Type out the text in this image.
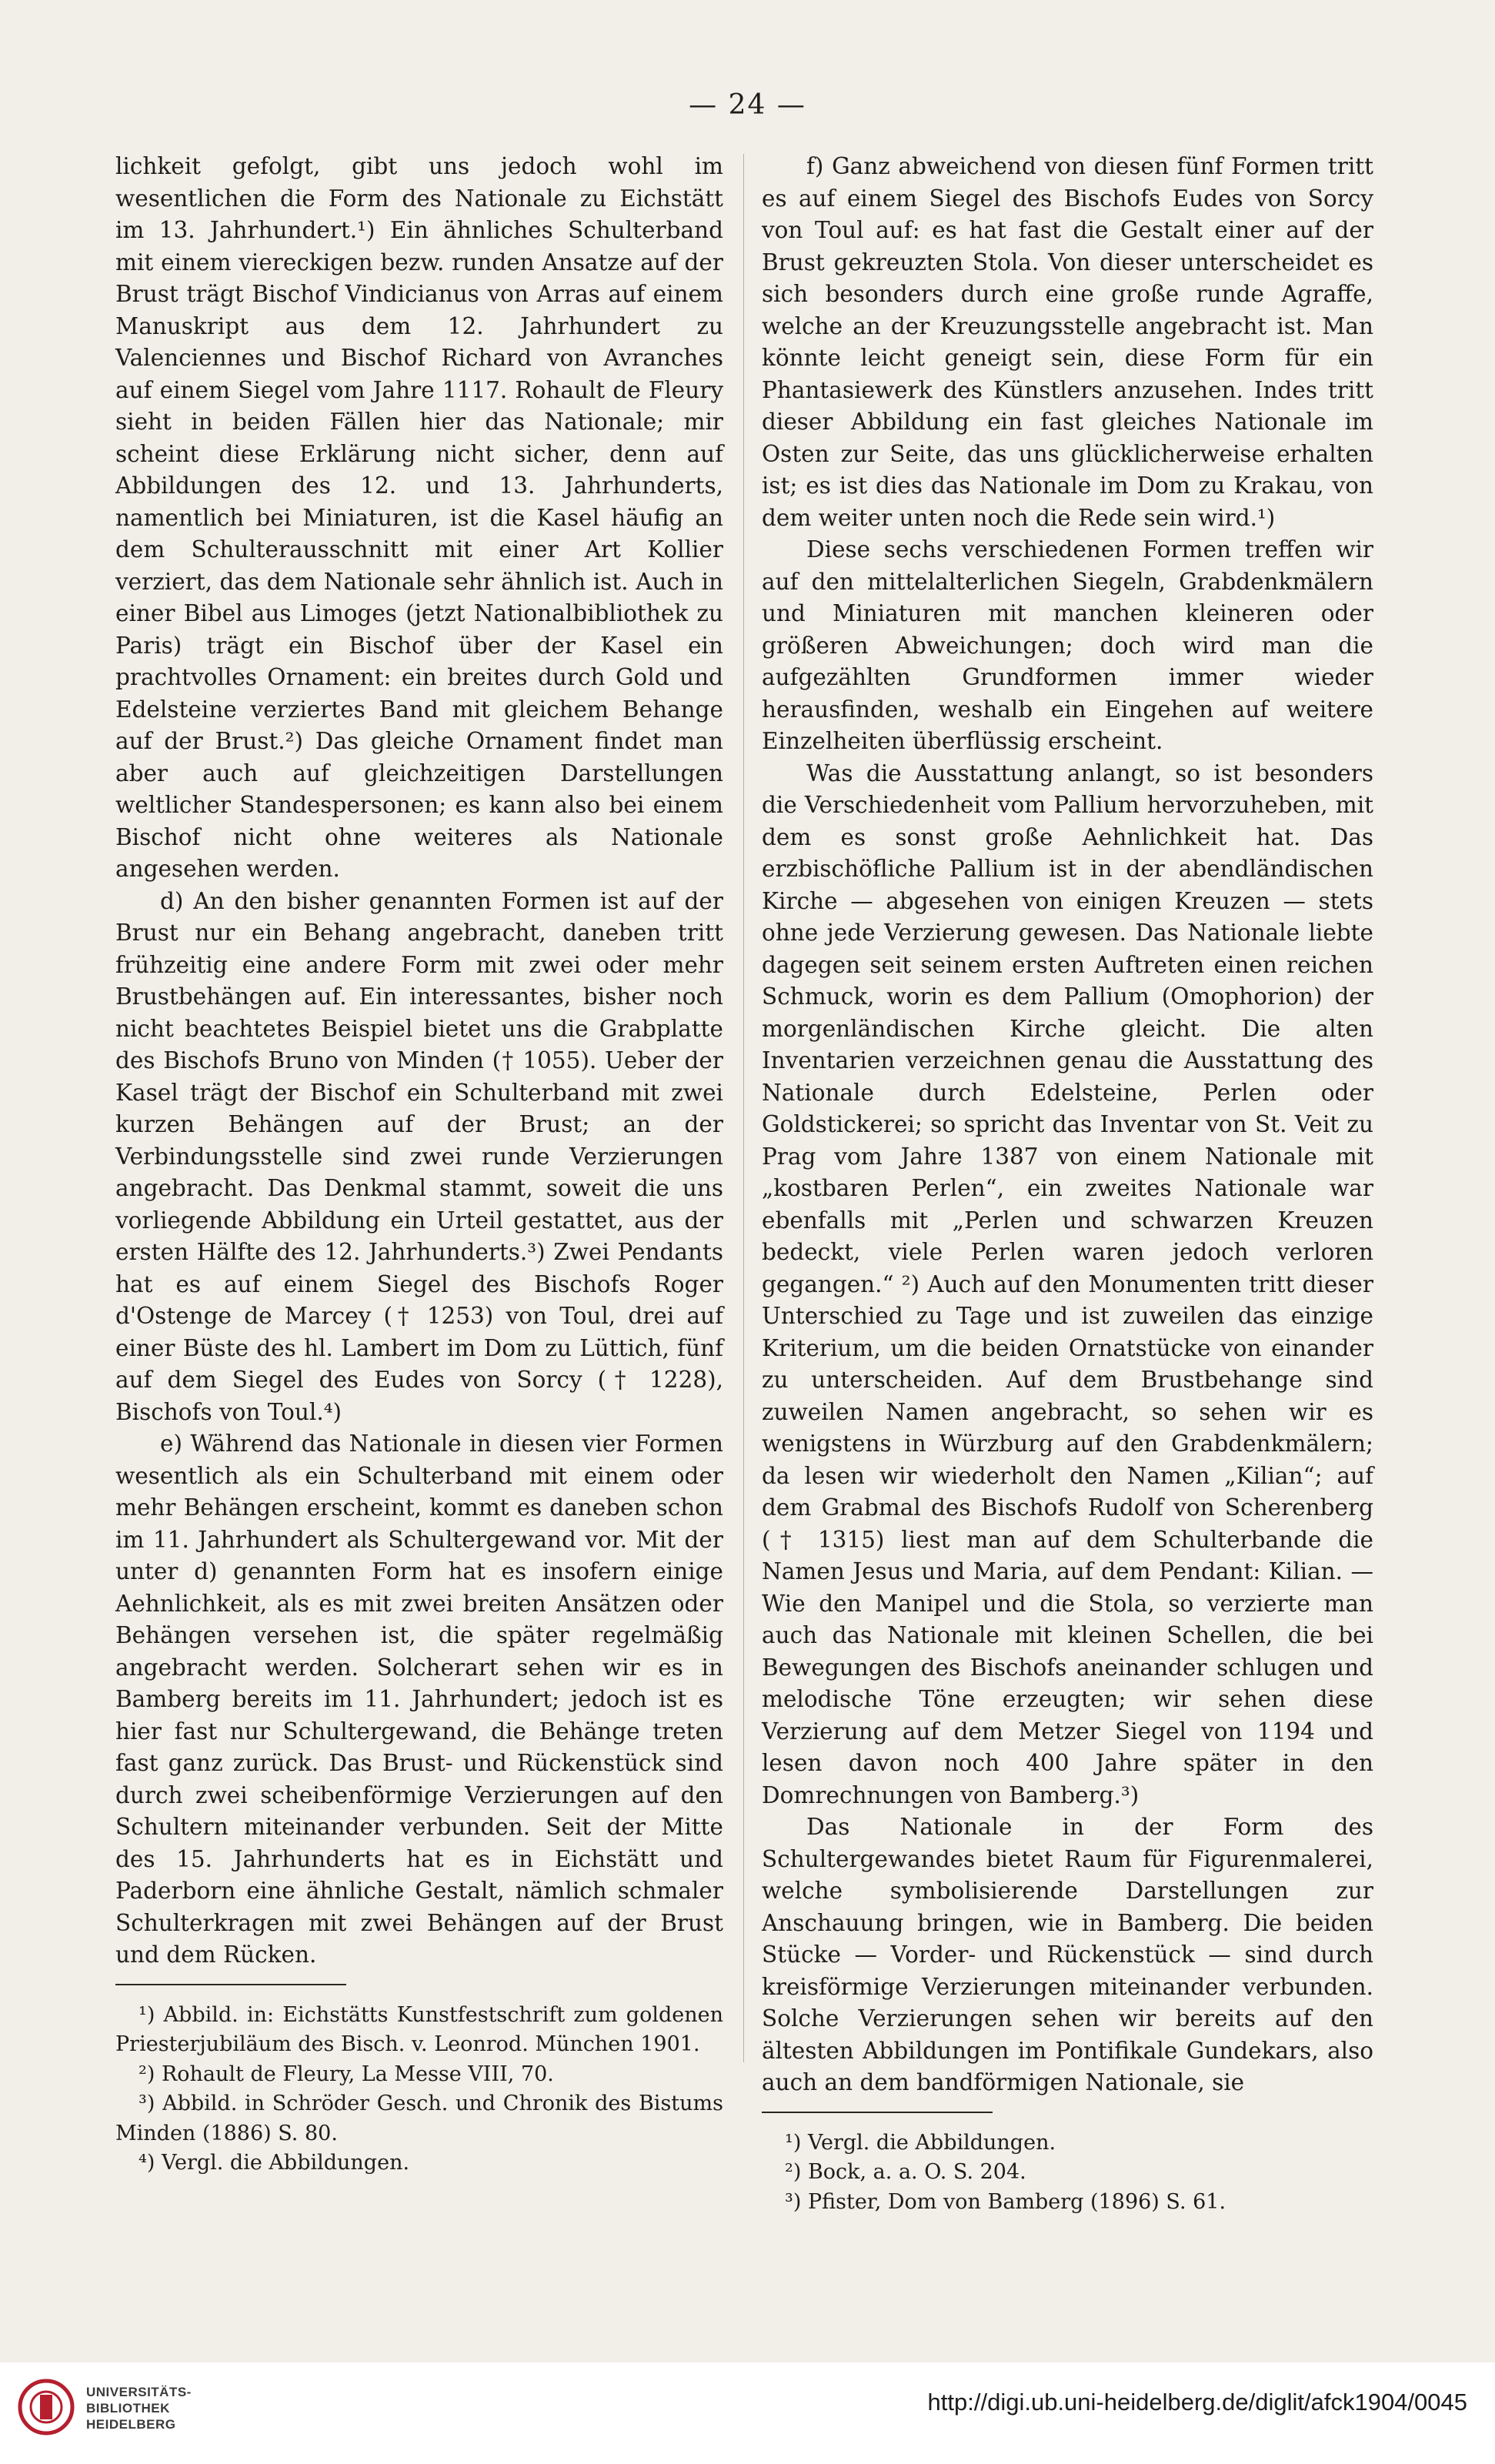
— 24 —

lichkeit gefolgt, gibt uns jedoch wohl im wesentlichen die Form des Nationale zu Eichstätt im 13. Jahrhundert.¹) Ein ähnliches Schulterband mit einem viereckigen bezw. runden Ansatze auf der Brust trägt Bischof Vindicianus von Arras auf einem Manuskript aus dem 12. Jahrhundert zu Valenciennes und Bischof Richard von Avranches auf einem Siegel vom Jahre 1117. Rohault de Fleury sieht in beiden Fällen hier das Nationale; mir scheint diese Erklärung nicht sicher, denn auf Abbildungen des 12. und 13. Jahrhunderts, namentlich bei Miniaturen, ist die Kasel häufig an dem Schulterausschnitt mit einer Art Kollier verziert, das dem Nationale sehr ähnlich ist. Auch in einer Bibel aus Limoges (jetzt Nationalbibliothek zu Paris) trägt ein Bischof über der Kasel ein prachtvolles Ornament: ein breites durch Gold und Edelsteine verziertes Band mit gleichem Behange auf der Brust.²) Das gleiche Ornament findet man aber auch auf gleichzeitigen Darstellungen weltlicher Standespersonen; es kann also bei einem Bischof nicht ohne weiteres als Nationale angesehen werden.

d) An den bisher genannten Formen ist auf der Brust nur ein Behang angebracht, daneben tritt frühzeitig eine andere Form mit zwei oder mehr Brustbehängen auf. Ein interessantes, bisher noch nicht beachtetes Beispiel bietet uns die Grabplatte des Bischofs Bruno von Minden († 1055). Ueber der Kasel trägt der Bischof ein Schulterband mit zwei kurzen Behängen auf der Brust; an der Verbindungsstelle sind zwei runde Verzierungen angebracht. Das Denkmal stammt, soweit die uns vorliegende Abbildung ein Urteil gestattet, aus der ersten Hälfte des 12. Jahrhunderts.³) Zwei Pendants hat es auf einem Siegel des Bischofs Roger d'Ostenge de Marcey († 1253) von Toul, drei auf einer Büste des hl. Lambert im Dom zu Lüttich, fünf auf dem Siegel des Eudes von Sorcy († 1228), Bischofs von Toul.⁴)

e) Während das Nationale in diesen vier Formen wesentlich als ein Schulterband mit einem oder mehr Behängen erscheint, kommt es daneben schon im 11. Jahrhundert als Schultergewand vor. Mit der unter d) genannten Form hat es insofern einige Aehnlichkeit, als es mit zwei breiten Ansätzen oder Behängen versehen ist, die später regelmäßig angebracht werden. Solcherart sehen wir es in Bamberg bereits im 11. Jahrhundert; jedoch ist es hier fast nur Schultergewand, die Behänge treten fast ganz zurück. Das Brust- und Rückenstück sind durch zwei scheibenförmige Verzierungen auf den Schultern miteinander verbunden. Seit der Mitte des 15. Jahrhunderts hat es in Eichstätt und Paderborn eine ähnliche Gestalt, nämlich schmaler Schulterkragen mit zwei Behängen auf der Brust und dem Rücken.

¹) Abbild. in: Eichstätts Kunstfestschrift zum goldenen Priesterjubiläum des Bisch. v. Leonrod. München 1901.

²) Rohault de Fleury, La Messe VIII, 70.

³) Abbild. in Schröder Gesch. und Chronik des Bistums Minden (1886) S. 80.

⁴) Vergl. die Abbildungen.

f) Ganz abweichend von diesen fünf Formen tritt es auf einem Siegel des Bischofs Eudes von Sorcy von Toul auf: es hat fast die Gestalt einer auf der Brust gekreuzten Stola. Von dieser unterscheidet es sich besonders durch eine große runde Agraffe, welche an der Kreuzungsstelle angebracht ist. Man könnte leicht geneigt sein, diese Form für ein Phantasiewerk des Künstlers anzusehen. Indes tritt dieser Abbildung ein fast gleiches Nationale im Osten zur Seite, das uns glücklicherweise erhalten ist; es ist dies das Nationale im Dom zu Krakau, von dem weiter unten noch die Rede sein wird.¹)

Diese sechs verschiedenen Formen treffen wir auf den mittelalterlichen Siegeln, Grabdenkmälern und Miniaturen mit manchen kleineren oder größeren Abweichungen; doch wird man die aufgezählten Grundformen immer wieder herausfinden, weshalb ein Eingehen auf weitere Einzelheiten überflüssig erscheint.

Was die Ausstattung anlangt, so ist besonders die Verschiedenheit vom Pallium hervorzuheben, mit dem es sonst große Aehnlichkeit hat. Das erzbischöfliche Pallium ist in der abendländischen Kirche — abgesehen von einigen Kreuzen — stets ohne jede Verzierung gewesen. Das Nationale liebte dagegen seit seinem ersten Auftreten einen reichen Schmuck, worin es dem Pallium (Omophorion) der morgenländischen Kirche gleicht. Die alten Inventarien verzeichnen genau die Ausstattung des Nationale durch Edelsteine, Perlen oder Goldstickerei; so spricht das Inventar von St. Veit zu Prag vom Jahre 1387 von einem Nationale mit „kostbaren Perlen“, ein zweites Nationale war ebenfalls mit „Perlen und schwarzen Kreuzen bedeckt, viele Perlen waren jedoch verloren gegangen.“ ²) Auch auf den Monumenten tritt dieser Unterschied zu Tage und ist zuweilen das einzige Kriterium, um die beiden Ornatstücke von einander zu unterscheiden. Auf dem Brustbehange sind zuweilen Namen angebracht, so sehen wir es wenigstens in Würzburg auf den Grabdenkmälern; da lesen wir wiederholt den Namen „Kilian“; auf dem Grabmal des Bischofs Rudolf von Scherenberg († 1315) liest man auf dem Schulterbande die Namen Jesus und Maria, auf dem Pendant: Kilian. — Wie den Manipel und die Stola, so verzierte man auch das Nationale mit kleinen Schellen, die bei Bewegungen des Bischofs aneinander schlugen und melodische Töne erzeugten; wir sehen diese Verzierung auf dem Metzer Siegel von 1194 und lesen davon noch 400 Jahre später in den Domrechnungen von Bamberg.³)

Das Nationale in der Form des Schultergewandes bietet Raum für Figurenmalerei, welche symbolisierende Darstellungen zur Anschauung bringen, wie in Bamberg. Die beiden Stücke — Vorder- und Rückenstück — sind durch kreisförmige Verzierungen miteinander verbunden. Solche Verzierungen sehen wir bereits auf den ältesten Abbildungen im Pontifikale Gundekars, also auch an dem bandförmigen Nationale, sie

¹) Vergl. die Abbildungen.

²) Bock, a. a. O. S. 204.

³) Pfister, Dom von Bamberg (1896) S. 61.

UNIVERSITÄTS-
BIBLIOTHEK
HEIDELBERG
http://digi.ub.uni-heidelberg.de/diglit/afck1904/0045
